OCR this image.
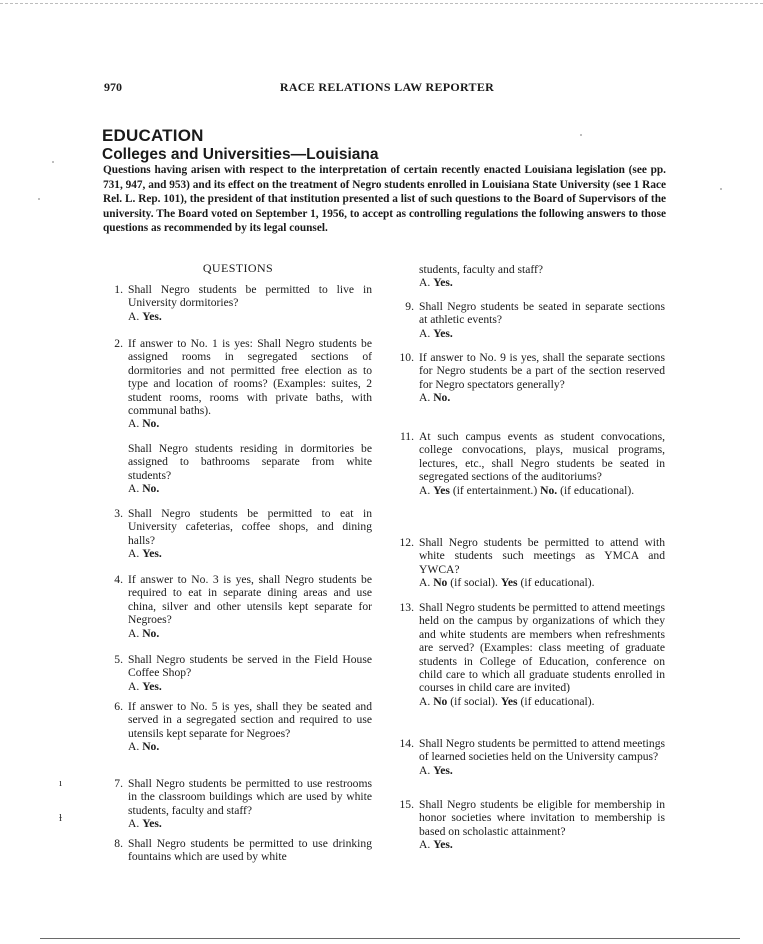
970	RACE RELATIONS LAW REPORTER
EDUCATION
Colleges and Universities—Louisiana
Questions having arisen with respect to the interpretation of certain recently enacted Louisiana legislation (see pp. 731, 947, and 953) and its effect on the treatment of Negro students enrolled in Louisiana State University (see 1 Race Rel. L. Rep. 101), the president of that institution presented a list of such questions to the Board of Supervisors of the university. The Board voted on September 1, 1956, to accept as controlling regulations the following answers to those questions as recommended by its legal counsel.
QUESTIONS
1. Shall Negro students be permitted to live in University dormitories?
A. Yes.
2. If answer to No. 1 is yes: Shall Negro students be assigned rooms in segregated sections of dormitories and not permitted free election as to type and location of rooms? (Examples: suites, 2 student rooms, rooms with private baths, with communal baths).
A. No.
Shall Negro students residing in dormitories be assigned to bathrooms separate from white students?
A. No.
3. Shall Negro students be permitted to eat in University cafeterias, coffee shops, and dining halls?
A. Yes.
4. If answer to No. 3 is yes, shall Negro students be required to eat in separate dining areas and use china, silver and other utensils kept separate for Negroes?
A. No.
5. Shall Negro students be served in the Field House Coffee Shop?
A. Yes.
6. If answer to No. 5 is yes, shall they be seated and served in a segregated section and required to use utensils kept separate for Negroes?
A. No.
7. Shall Negro students be permitted to use restrooms in the classroom buildings which are used by white students, faculty and staff?
A. Yes.
8. Shall Negro students be permitted to use drinking fountains which are used by white
students, faculty and staff?
A. Yes.
9. Shall Negro students be seated in separate sections at athletic events?
A. Yes.
10. If answer to No. 9 is yes, shall the separate sections for Negro students be a part of the section reserved for Negro spectators generally?
A. No.
11. At such campus events as student convocations, college convocations, plays, musical programs, lectures, etc., shall Negro students be seated in segregated sections of the auditoriums?
A. Yes (if entertainment.) No. (if educational).
12. Shall Negro students be permitted to attend with white students such meetings as YMCA and YWCA?
A. No (if social). Yes (if educational).
13. Shall Negro students be permitted to attend meetings held on the campus by organizations of which they and white students are members when refreshments are served? (Examples: class meeting of graduate students in College of Education, conference on child care to which all graduate students enrolled in courses in child care are invited)
A. No (if social). Yes (if educational).
14. Shall Negro students be permitted to attend meetings of learned societies held on the University campus?
A. Yes.
15. Shall Negro students be eligible for membership in honor societies where invitation to membership is based on scholastic attainment?
A. Yes.
ı
ɫ
